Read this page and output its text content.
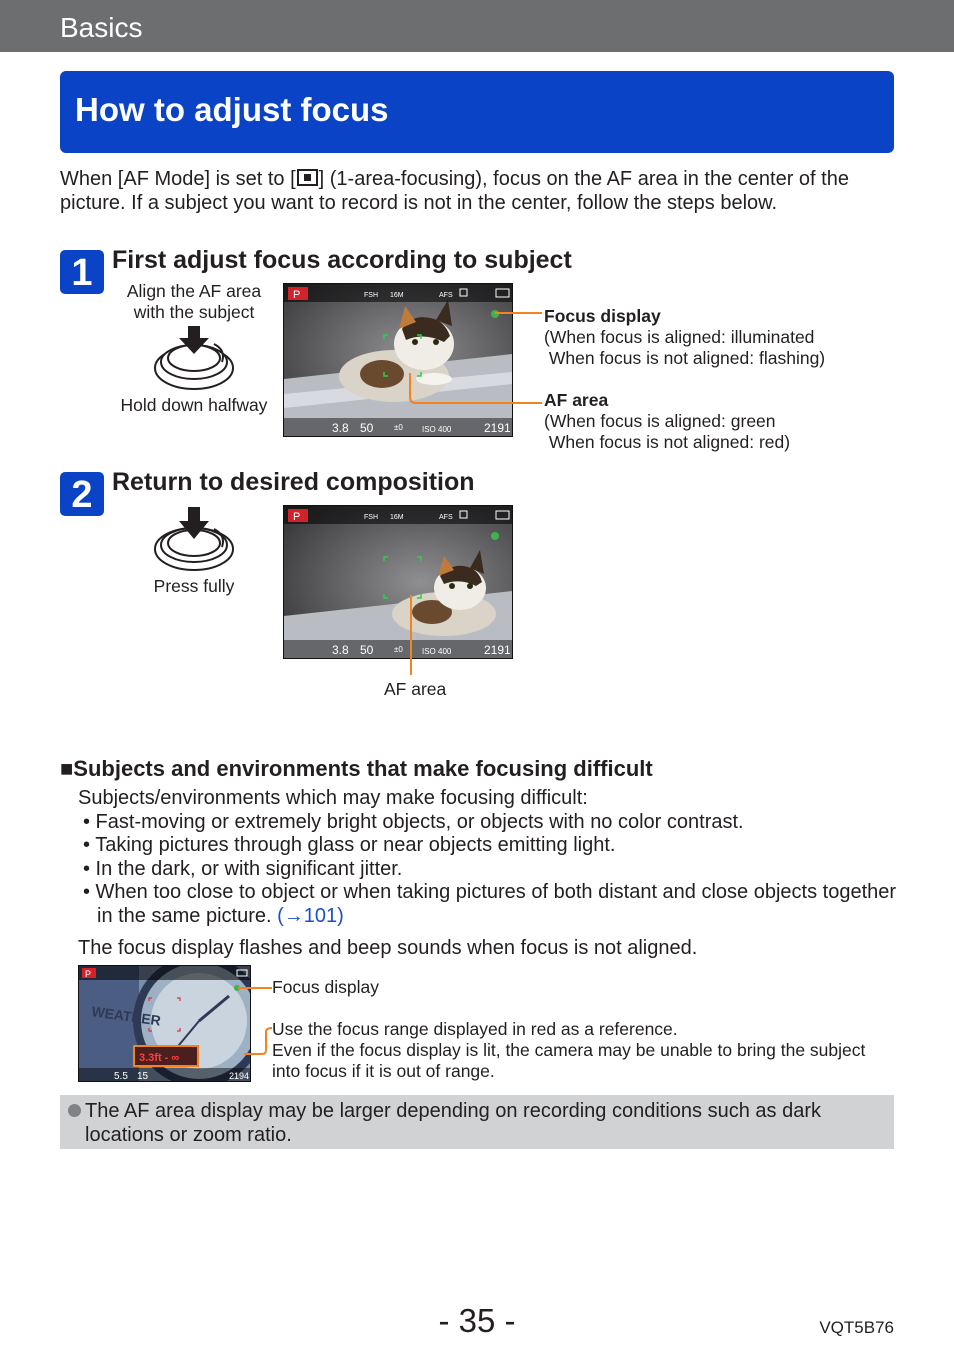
Basics
How to adjust focus
When [AF Mode] is set to [ ] (1-area-focusing), focus on the AF area in the center of the picture. If a subject you want to record is not in the center, follow the steps below.
1 First adjust focus according to subject
Align the AF area with the subject
Hold down halfway
P	FSH 16M	AFS
3.8 50	±0 ISO 400	2191
Focus display
(When focus is aligned: illuminated
When focus is not aligned: flashing)
AF area
(When focus is aligned: green
When focus is not aligned: red)
2 Return to desired composition
Press fully
P	FSH 16M	AFS
3.8 50	±0 ISO 400	2191
AF area
■Subjects and environments that make focusing difficult
Subjects/environments which may make focusing difficult:
• Fast-moving or extremely bright objects, or objects with no color contrast.
• Taking pictures through glass or near objects emitting light.
• In the dark, or with significant jitter.
• When too close to object or when taking pictures of both distant and close objects together in the same picture. (→101)
The focus display flashes and beep sounds when focus is not aligned.
WEATHER
P
3.3ft - ∞
5.5 15	2194
Focus display
Use the focus range displayed in red as a reference.
Even if the focus display is lit, the camera may be unable to bring the subject into focus if it is out of range.
The AF area display may be larger depending on recording conditions such as dark locations or zoom ratio.
- 35 -	VQT5B76
